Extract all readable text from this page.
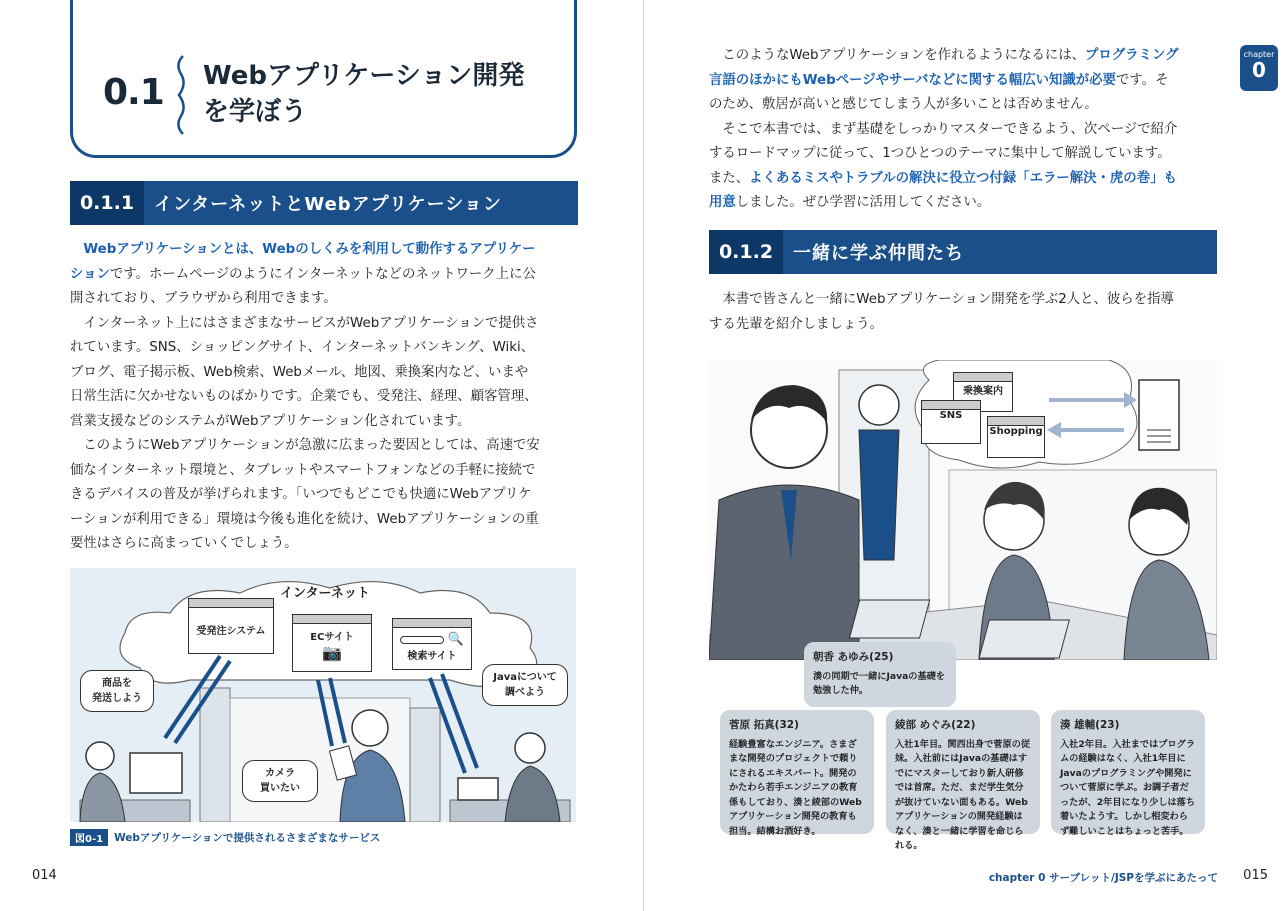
0.1 Webアプリケーション開発
を学ぼう
0.1.1	インターネットとWebアプリケーション

Webアプリケーションとは、Webのしくみを利用して動作するアプリケーションです。ホームページのようにインターネットなどのネットワーク上に公開されており、ブラウザから利用できます。

インターネット上にはさまざまなサービスがWebアプリケーションで提供されています。SNS、ショッピングサイト、インターネットバンキング、Wiki、ブログ、電子掲示板、Web検索、Webメール、地図、乗換案内など、いまや日常生活に欠かせないものばかりです。企業でも、受発注、経理、顧客管理、営業支援などのシステムがWebアプリケーション化されています。

このようにWebアプリケーションが急激に広まった要因としては、高速で安価なインターネット環境と、タブレットやスマートフォンなどの手軽に接続できるデバイスの普及が挙げられます。「いつでもどこでも快適にWebアプリケーションが利用できる」環境は今後も進化を続け、Webアプリケーションの重要性はさらに高まっていくでしょう。

インターネット
受発注システム
ECサイト
📷
🔍
検索サイト
商品を
発送しよう
カメラ
買いたい
Javaについて
調べよう
図0-1	Webアプリケーションで提供されるさまざまなサービス
014
chapter
0

このようなWebアプリケーションを作れるようになるには、プログラミング言語のほかにもWebページやサーバなどに関する幅広い知識が必要です。そのため、敷居が高いと感じてしまう人が多いことは否めません。

そこで本書では、まず基礎をしっかりマスターできるよう、次ページで紹介するロードマップに従って、1つひとつのテーマに集中して解説しています。また、よくあるミスやトラブルの解決に役立つ付録「エラー解決・虎の巻」も用意しました。ぜひ学習に活用してください。

0.1.2	一緒に学ぶ仲間たち

本書で皆さんと一緒にWebアプリケーション開発を学ぶ2人と、彼らを指導する先輩を紹介しましょう。

乗換案内
SNS
Shopping
朝香 あゆみ(25)
湊の同期で一緒にJavaの基礎を勉強した仲。
菅原 拓真(32)
経験豊富なエンジニア。さまざまな開発のプロジェクトで頼りにされるエキスパート。開発のかたわら若手エンジニアの教育係もしており、湊と綾部のWebアプリケーション開発の教育も担当。結構お酒好き。
綾部 めぐみ(22)
入社1年目。関西出身で菅原の従妹。入社前にはJavaの基礎はすでにマスターしており新人研修では首席。ただ、まだ学生気分が抜けていない面もある。Webアプリケーションの開発経験はなく、湊と一緒に学習を命じられる。
湊 雄輔(23)
入社2年目。入社まではプログラムの経験はなく、入社1年目にJavaのプログラミングや開発について菅原に学ぶ。お調子者だったが、2年目になり少しは落ち着いたようす。しかし相変わらず難しいことはちょっと苦手。
chapter 0 サーブレット/JSPを学ぶにあたって 015
